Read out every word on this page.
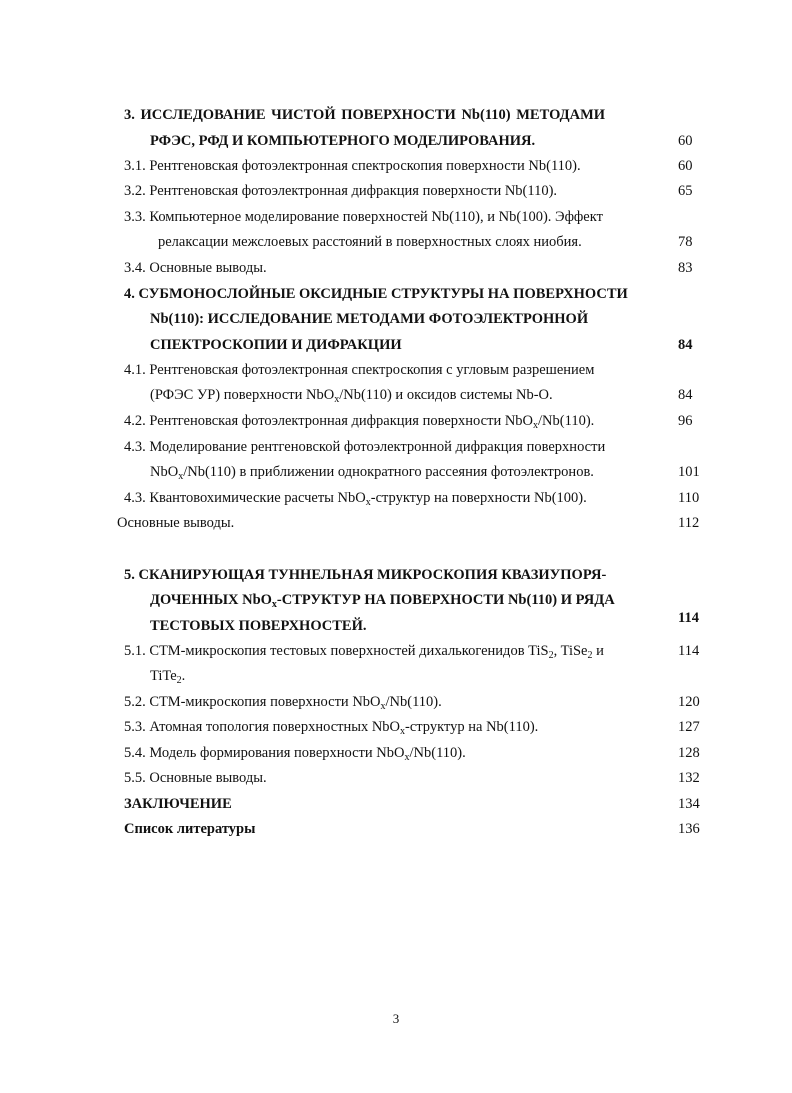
3. ИССЛЕДОВАНИЕ ЧИСТОЙ ПОВЕРХНОСТИ Nb(110) МЕТОДАМИ
РФЭС, РФД И КОМПЬЮТЕРНОГО МОДЕЛИРОВАНИЯ.	60
3.1. Рентгеновская фотоэлектронная спектроскопия поверхности Nb(110).	60
3.2. Рентгеновская фотоэлектронная дифракция поверхности Nb(110).	65
3.3. Компьютерное моделирование поверхностей Nb(110), и Nb(100). Эффект
релаксации межслоевых расстояний в поверхностных слоях ниобия.	78
3.4. Основные выводы.	83
4. СУБМОНОСЛОЙНЫЕ ОКСИДНЫЕ СТРУКТУРЫ НА ПОВЕРХНОСТИ
Nb(110): ИССЛЕДОВАНИЕ МЕТОДАМИ ФОТОЭЛЕКТРОННОЙ
СПЕКТРОСКОПИИ И ДИФРАКЦИИ	84
4.1. Рентгеновская фотоэлектронная спектроскопия с угловым разрешением
(РФЭС УР) поверхности NbO$_x$/Nb(110) и оксидов системы Nb-O.	84
4.2. Рентгеновская фотоэлектронная дифракция поверхности NbO$_x$/Nb(110).	96
4.3. Моделирование рентгеновской фотоэлектронной дифракция поверхности
NbO$_x$/Nb(110) в приближении однократного рассеяния фотоэлектронов.	101
4.3. Квантовохимические расчеты NbO$_x$-структур на поверхности Nb(100).	110
Основные выводы.	112
5. СКАНИРУЮЩАЯ ТУННЕЛЬНАЯ МИКРОСКОПИЯ КВАЗИУПОРЯ-
ДОЧЕННЫХ NbO$_x$-СТРУКТУР НА ПОВЕРХНОСТИ Nb(110) И РЯДА
ТЕСТОВЫХ ПОВЕРХНОСТЕЙ.	114
5.1. СТМ-микроскопия тестовых поверхностей дихалькогенидов TiS$_2$, TiSe$_2$ и	114
TiTe$_2$.
5.2. СТМ-микроскопия поверхности NbO$_x$/Nb(110).	120
5.3. Атомная топология поверхностных NbO$_x$-структур на Nb(110).	127
5.4. Модель формирования поверхности NbO$_x$/Nb(110).	128
5.5. Основные выводы.	132
ЗАКЛЮЧЕНИЕ	134
Список литературы	136
3
